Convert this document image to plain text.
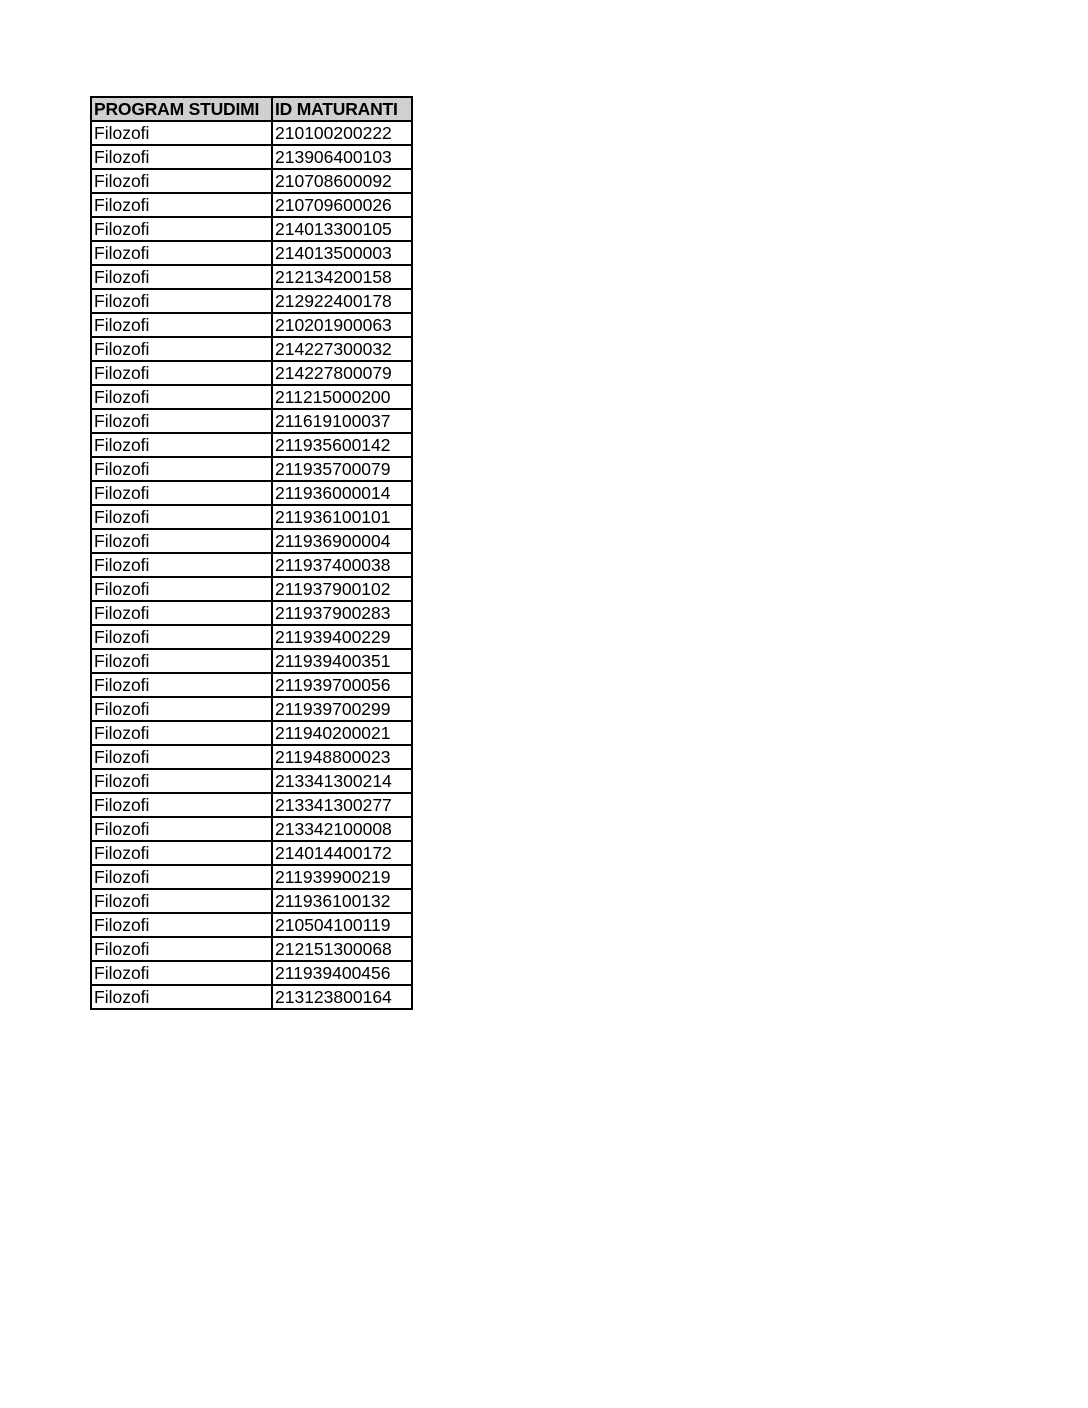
PROGRAM STUDIMI	ID MATURANTI
Filozofi	210100200222
Filozofi	213906400103
Filozofi	210708600092
Filozofi	210709600026
Filozofi	214013300105
Filozofi	214013500003
Filozofi	212134200158
Filozofi	212922400178
Filozofi	210201900063
Filozofi	214227300032
Filozofi	214227800079
Filozofi	211215000200
Filozofi	211619100037
Filozofi	211935600142
Filozofi	211935700079
Filozofi	211936000014
Filozofi	211936100101
Filozofi	211936900004
Filozofi	211937400038
Filozofi	211937900102
Filozofi	211937900283
Filozofi	211939400229
Filozofi	211939400351
Filozofi	211939700056
Filozofi	211939700299
Filozofi	211940200021
Filozofi	211948800023
Filozofi	213341300214
Filozofi	213341300277
Filozofi	213342100008
Filozofi	214014400172
Filozofi	211939900219
Filozofi	211936100132
Filozofi	210504100119
Filozofi	212151300068
Filozofi	211939400456
Filozofi	213123800164
